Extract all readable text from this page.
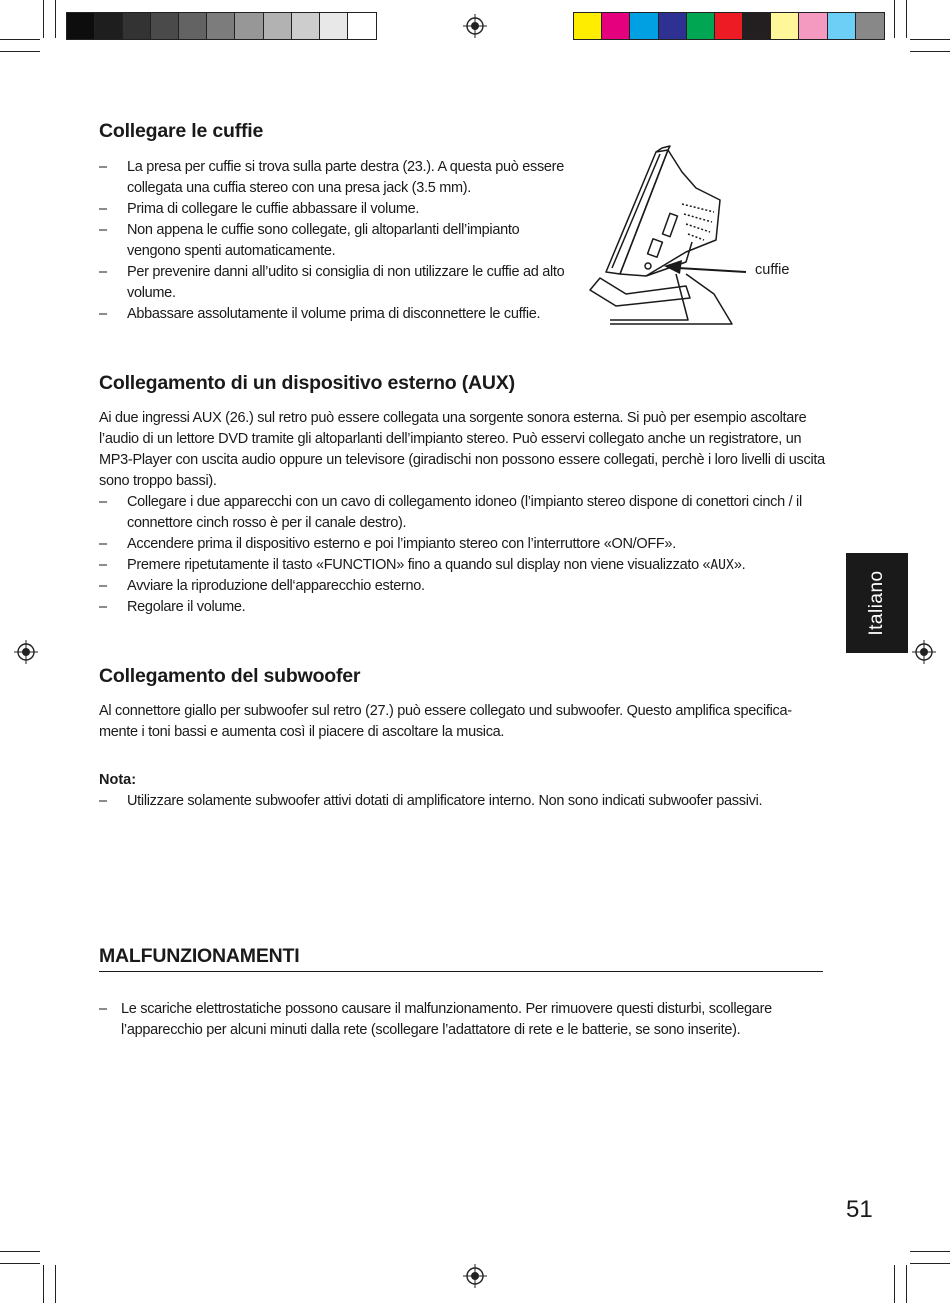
Collegare le cuffie
– La presa per cuffie si trova sulla parte destra (23.). A questa può essere collegata una cuffia stereo con una presa jack (3.5 mm).
– Prima di collegare le cuffie abbassare il volume.
– Non appena le cuffie sono collegate, gli altoparlanti dell’impianto vengono spenti automaticamente.
– Per prevenire danni all’udito si consiglia di non utilizzare le cuffie ad alto volume.
– Abbassare assolutamente il volume prima di disconnettere le cuffie.
cuffie
Collegamento di un dispositivo esterno (AUX)

Ai due ingressi AUX (26.) sul retro può essere collegata una sorgente sonora esterna. Si può per esempio ascoltare l’audio di un lettore DVD tramite gli altoparlanti dell’impianto stereo. Può esservi collegato anche un registratore, un MP3-Player con uscita audio oppure un televisore (giradischi non possono essere collegati, perchè i loro livelli di uscita sono troppo bassi).

– Collegare i due apparecchi con un cavo di collegamento idoneo (l’impianto stereo dispone di conettori cinch / il connettore cinch rosso è per il canale destro).
– Accendere prima il dispositivo esterno e poi l’impianto stereo con l’interruttore «ON/OFF».
– Premere ripetutamente il tasto «FUNCTION» fino a quando sul display non viene visualizzato «AUX».
– Avviare la riproduzione dell‘apparecchio esterno.
– Regolare il volume.	Italiano
Collegamento del subwoofer

Al connettore giallo per subwoofer sul retro (27.) può essere collegato und subwoofer. Questo amplifica specifica-mente i toni bassi e aumenta così il piacere di ascoltare la musica.

Nota:
– Utilizzare solamente subwoofer attivi dotati di amplificatore interno. Non sono indicati subwoofer passivi.
MALFUNZIONAMENTI
– Le scariche elettrostatiche possono causare il malfunzionamento. Per rimuovere questi disturbi, scollegare l’apparecchio per alcuni minuti dalla rete (scollegare l’adattatore di rete e le batterie, se sono inserite).
51
